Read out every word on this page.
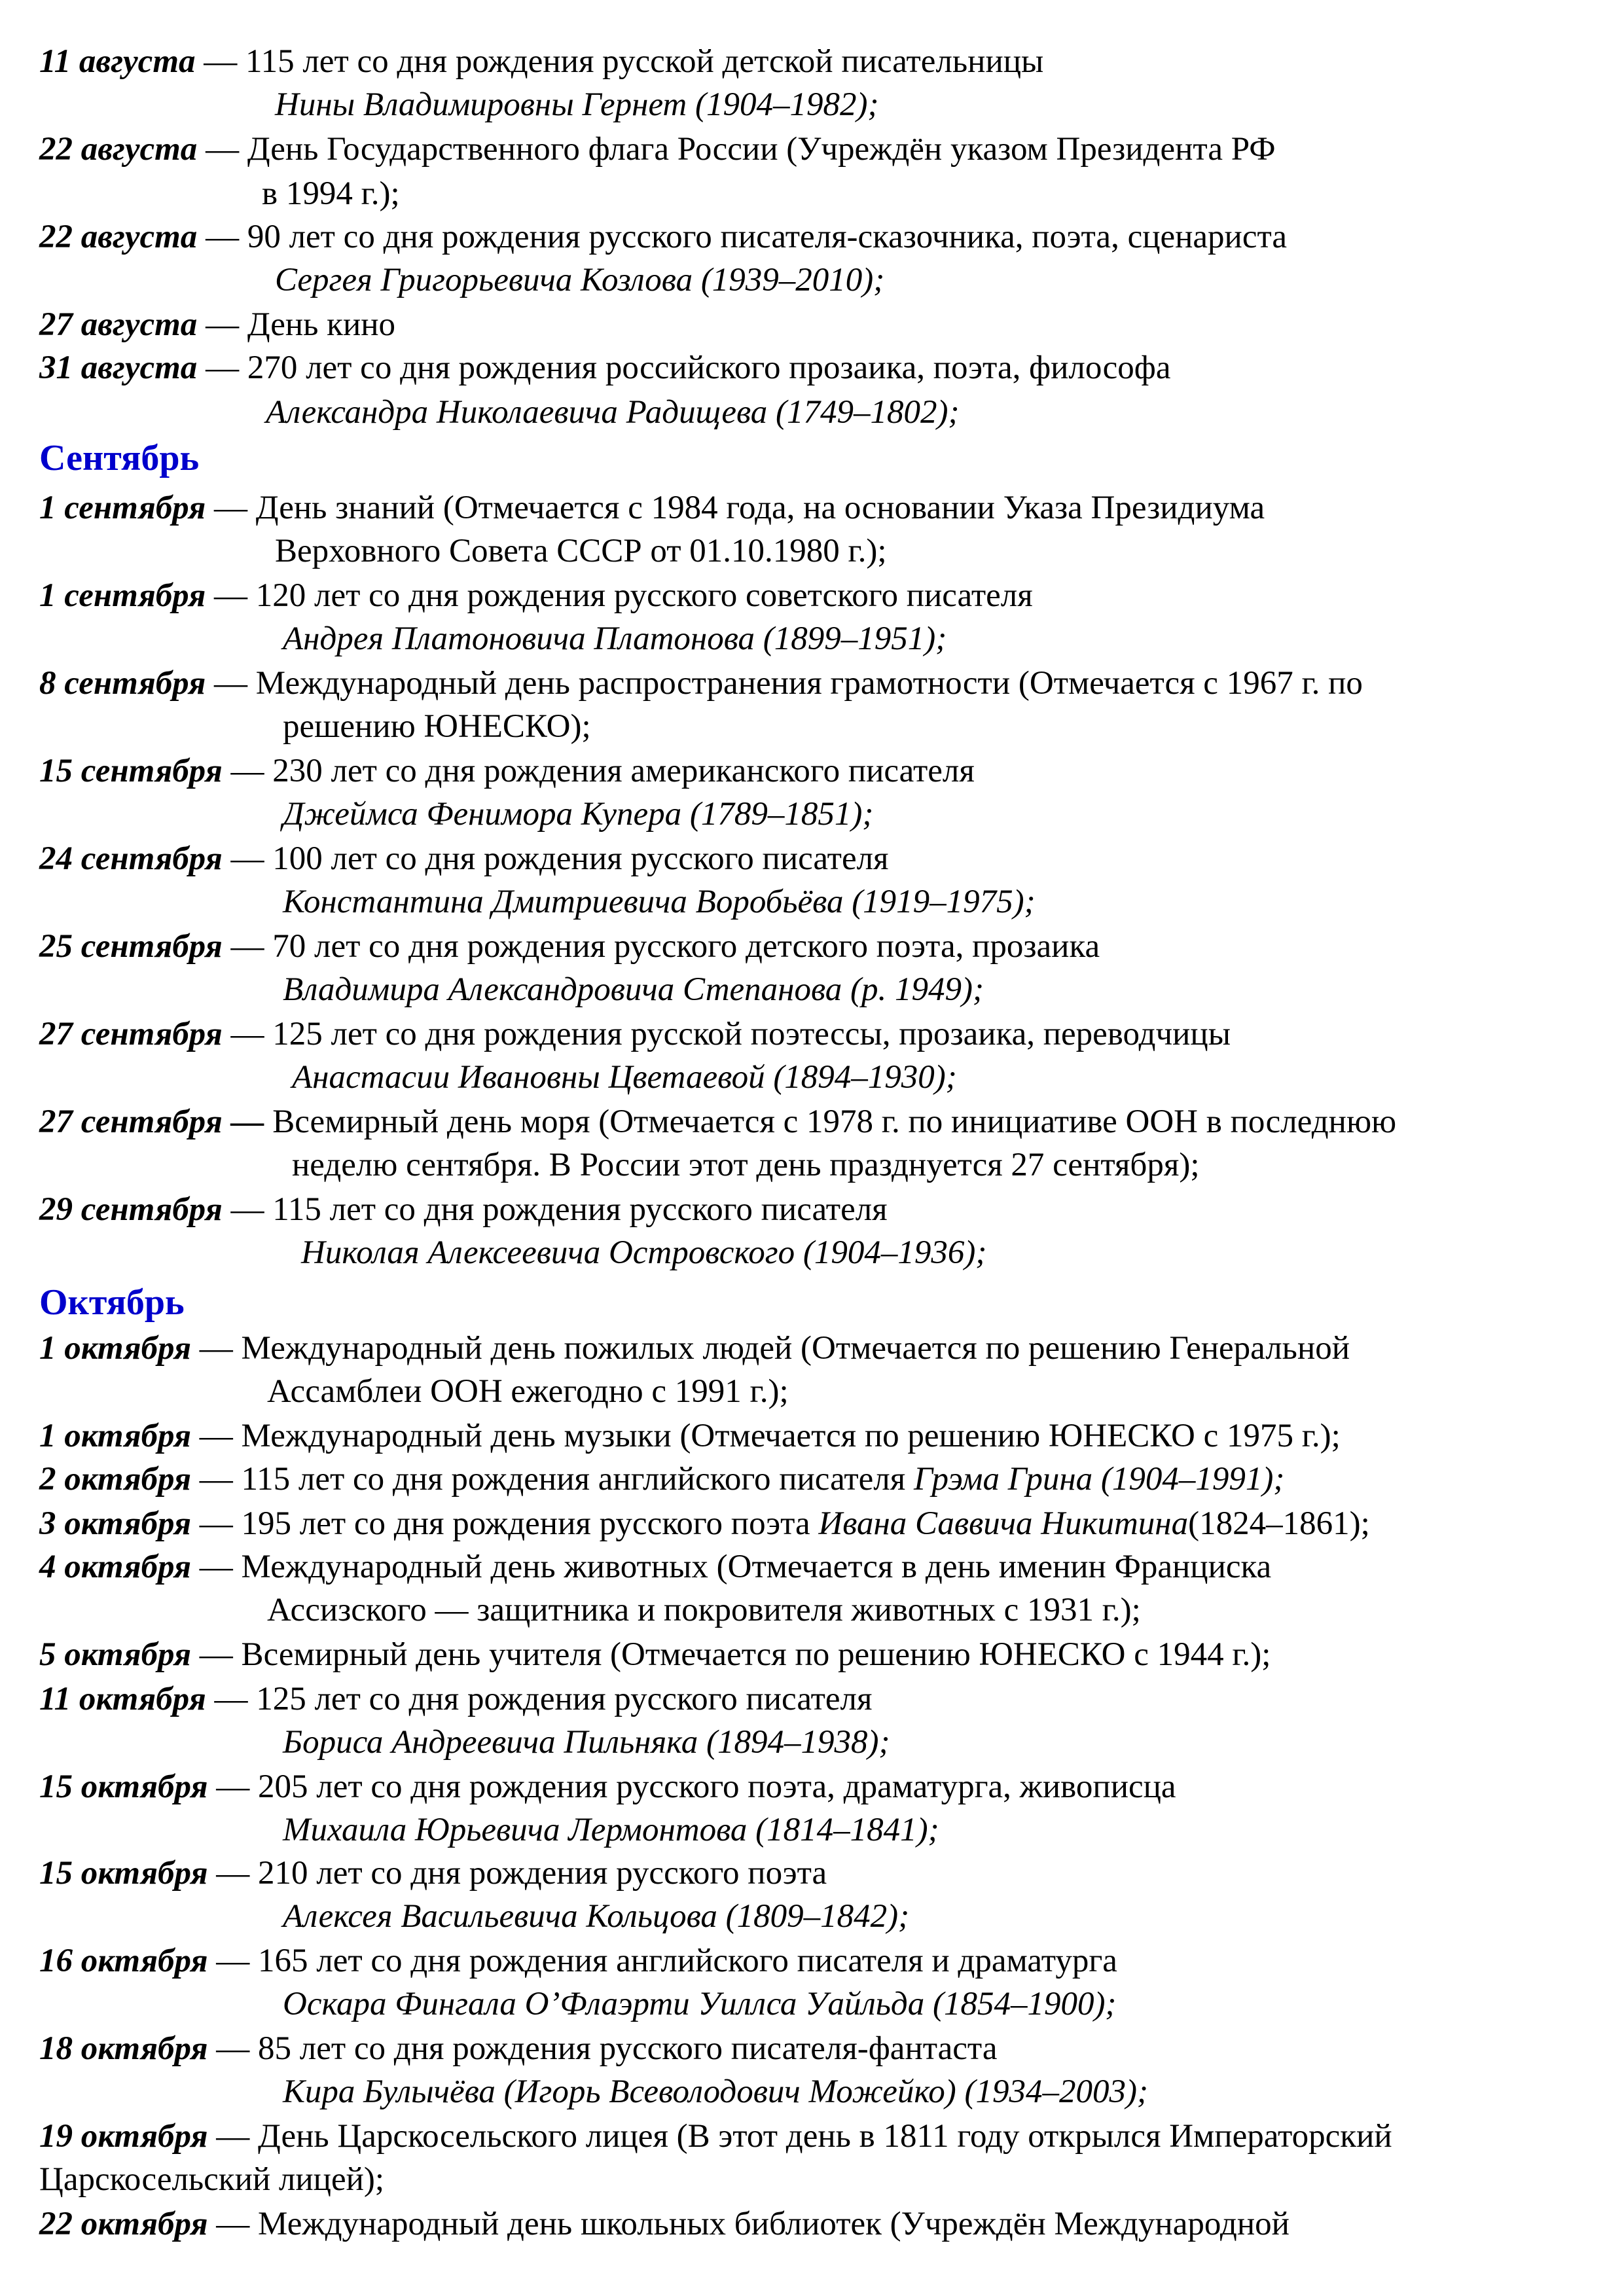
Сентябрь
Октябрь
11 августа — 115 лет со дня рождения русской детской писательницы
Нины Владимировны Гернет (1904–1982);
22 августа — День Государственного флага России (Учреждён указом Президента РФ
в 1994 г.);
22 августа — 90 лет со дня рождения русского писателя-сказочника, поэта, сценариста
Сергея Григорьевича Козлова (1939–2010);
27 августа — День кино
31 августа — 270 лет со дня рождения российского прозаика, поэта, философа
Александра Николаевича Радищева (1749–1802);
1 сентября — День знаний (Отмечается с 1984 года, на основании Указа Президиума
Верховного Совета СССР от 01.10.1980 г.);
1 сентября — 120 лет со дня рождения русского советского писателя
Андрея Платоновича Платонова (1899–1951);
8 сентября — Международный день распространения грамотности (Отмечается с 1967 г. по
решению ЮНЕСКО);
15 сентября — 230 лет со дня рождения американского писателя
Джеймса Фенимора Купера (1789–1851);
24 сентября — 100 лет со дня рождения русского писателя
Константина Дмитриевича Воробьёва (1919–1975);
25 сентября — 70 лет со дня рождения русского детского поэта, прозаика
Владимира Александровича Степанова (р. 1949);
27 сентября — 125 лет со дня рождения русской поэтессы, прозаика, переводчицы
Анастасии Ивановны Цветаевой (1894–1930);
27 сентября — Всемирный день моря (Отмечается с 1978 г. по инициативе ООН в последнюю
неделю сентября. В России этот день празднуется 27 сентября);
29 сентября — 115 лет со дня рождения русского писателя
Николая Алексеевича Островского (1904–1936);
1 октября — Международный день пожилых людей (Отмечается по решению Генеральной
Ассамблеи ООН ежегодно с 1991 г.);
1 октября — Международный день музыки (Отмечается по решению ЮНЕСКО с 1975 г.);
2 октября — 115 лет со дня рождения английского писателя Грэма Грина (1904–1991);
3 октября — 195 лет со дня рождения русского поэта Ивана Саввича Никитина(1824–1861);
4 октября — Международный день животных (Отмечается в день именин Франциска
Ассизского — защитника и покровителя животных с 1931 г.);
5 октября — Всемирный день учителя (Отмечается по решению ЮНЕСКО с 1944 г.);
11 октября — 125 лет со дня рождения русского писателя
Бориса Андреевича Пильняка (1894–1938);
15 октября — 205 лет со дня рождения русского поэта, драматурга, живописца
Михаила Юрьевича Лермонтова (1814–1841);
15 октября — 210 лет со дня рождения русского поэта
Алексея Васильевича Кольцова (1809–1842);
16 октября — 165 лет со дня рождения английского писателя и драматурга
Оскара Фингала О’Флаэрти Уиллса Уайльда (1854–1900);
18 октября — 85 лет со дня рождения русского писателя-фантаста
Кира Булычёва (Игорь Всеволодович Можейко) (1934–2003);
19 октября — День Царскосельского лицея (В этот день в 1811 году открылся Императорский
Царскосельский лицей);
22 октября — Международный день школьных библиотек (Учреждён Международной
